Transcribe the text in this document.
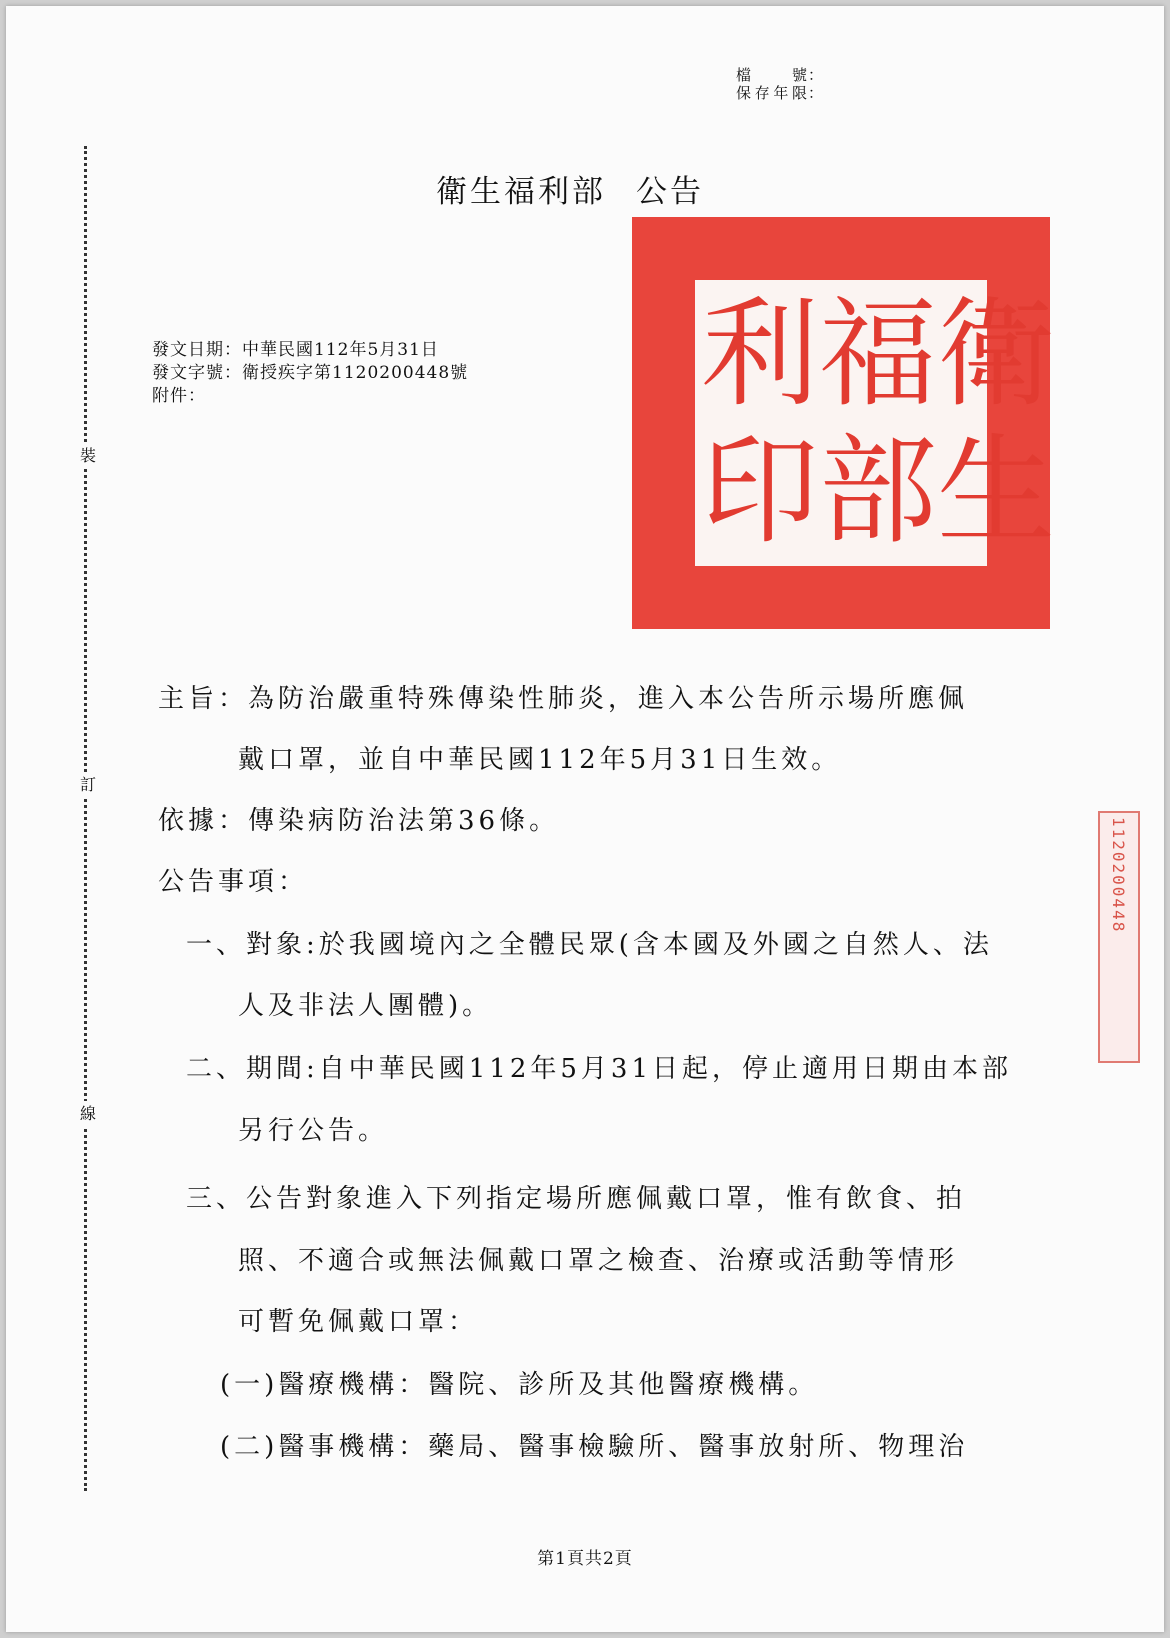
檔號 ：
保存年限 ：
裝
訂
線
衛生福利部 公告
發文日期：中華民國112年5月31日
發文字號：衛授疾字第1120200448號
附件：	利 福 衛
印 部 生
主旨：為防治嚴重特殊傳染性肺炎，進入本公告所示場所應佩
戴口罩，並自中華民國112年5月31日生效。
依據：傳染病防治法第36條。
公告事項：
一、對象:於我國境內之全體民眾(含本國及外國之自然人、法
人及非法人團體)。
二、期間:自中華民國112年5月31日起，停止適用日期由本部
另行公告。
三、公告對象進入下列指定場所應佩戴口罩，惟有飲食、拍
照、不適合或無法佩戴口罩之檢查、治療或活動等情形
可暫免佩戴口罩：
(一)醫療機構：醫院、診所及其他醫療機構。
(二)醫事機構：藥局、醫事檢驗所、醫事放射所、物理治
1120200448
第1頁共2頁
